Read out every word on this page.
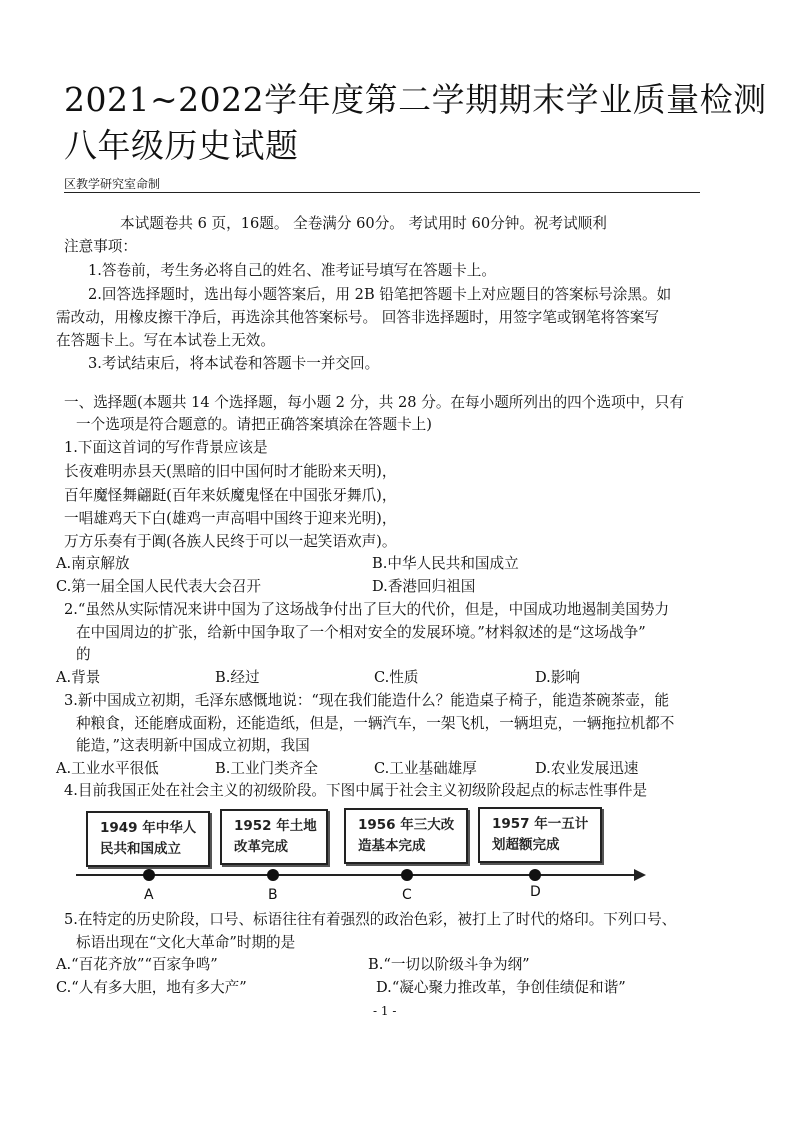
2021~2022学年度第二学期期末学业质量检测
八年级历史试题
区教学研究室命制
本试题卷共 6 页，16题。 全卷满分 60分。 考试用时 60分钟。祝考试顺利
注意事项：
1.答卷前，考生务必将自己的姓名、准考证号填写在答题卡上。
2.回答选择题时，选出每小题答案后，用 2B 铅笔把答题卡上对应题目的答案标号涂黑。如
需改动，用橡皮擦干净后，再选涂其他答案标号。 回答非选择题时，用签字笔或钢笔将答案写
在答题卡上。写在本试卷上无效。
3.考试结束后，将本试卷和答题卡一并交回。
一、选择题(本题共 14 个选择题，每小题 2 分，共 28 分。在每小题所列出的四个选项中，只有
一个选项是符合题意的。请把正确答案填涂在答题卡上)
1.下面这首词的写作背景应该是
长夜难明赤县天(黑暗的旧中国何时才能盼来天明)，
百年魔怪舞翩跹(百年来妖魔鬼怪在中国张牙舞爪)，
一唱雄鸡天下白(雄鸡一声高唱中国终于迎来光明)，
万方乐奏有于阗(各族人民终于可以一起笑语欢声)。
A.南京解放	B.中华人民共和国成立
C.第一届全国人民代表大会召开	D.香港回归祖国
2.“虽然从实际情况来讲中国为了这场战争付出了巨大的代价，但是，中国成功地遏制美国势力
在中国周边的扩张，给新中国争取了一个相对安全的发展环境。”材料叙述的是“这场战争”
的
A.背景	B.经过	C.性质	D.影响
3.新中国成立初期，毛泽东感慨地说：“现在我们能造什么？能造桌子椅子，能造茶碗茶壶，能
种粮食，还能磨成面粉，还能造纸，但是，一辆汽车，一架飞机，一辆坦克，一辆拖拉机都不
能造，”这表明新中国成立初期，我国
A.工业水平很低	B.工业门类齐全	C.工业基础雄厚	D.农业发展迅速
4.目前我国正处在社会主义的初级阶段。下图中属于社会主义初级阶段起点的标志性事件是
1949 年中华人
民共和国成立
1952 年土地
改革完成
1956 年三大改
造基本完成
1957 年一五计
划超额完成
A	B	C	D
5.在特定的历史阶段，口号、标语往往有着强烈的政治色彩，被打上了时代的烙印。下列口号、
标语出现在“文化大革命”时期的是
A.“百花齐放”“百家争鸣”	B.“一切以阶级斗争为纲”
C.“人有多大胆，地有多大产”	D.“凝心聚力推改革，争创佳绩促和谐”
- 1 -
